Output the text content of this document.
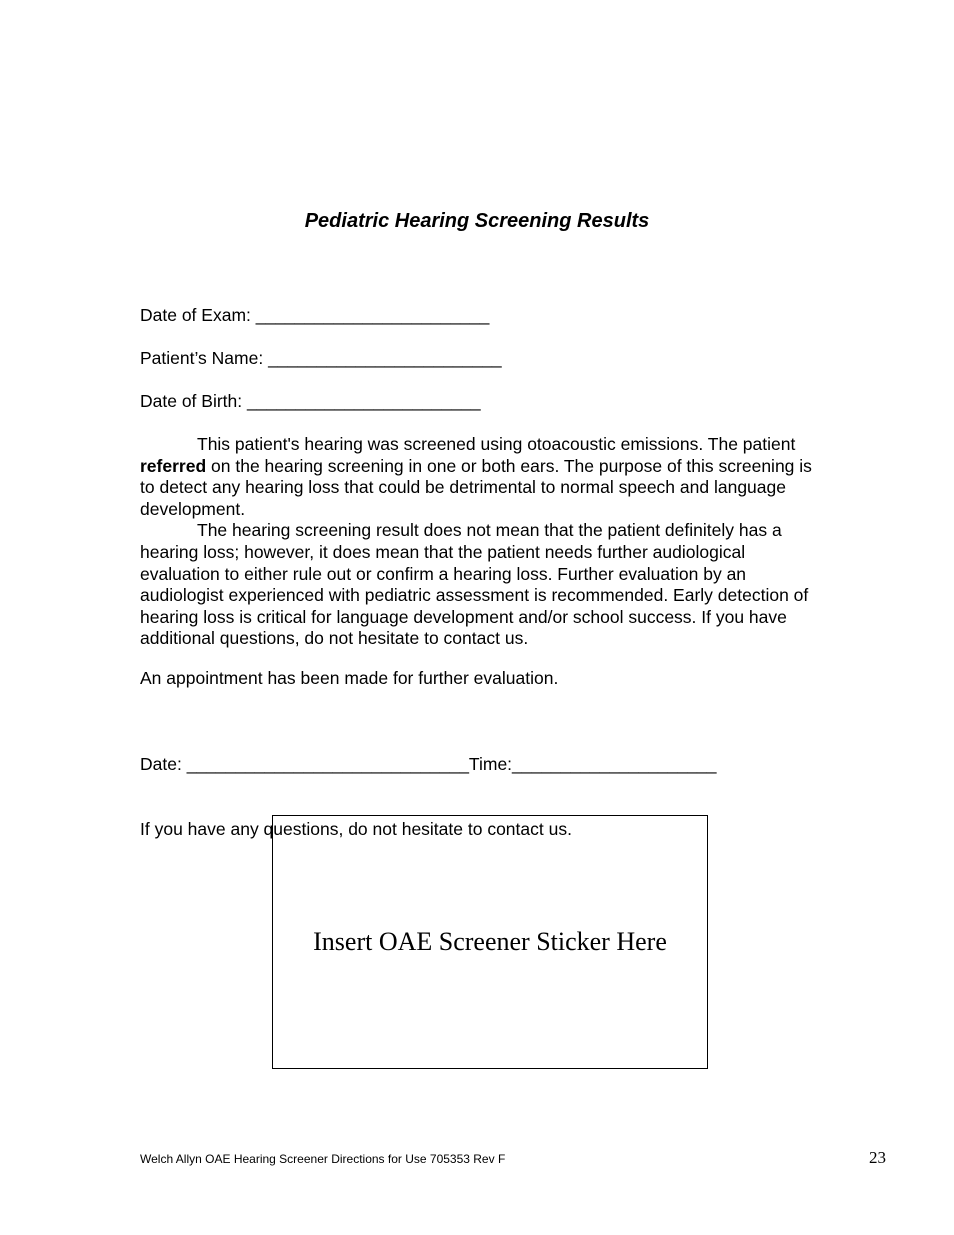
Pediatric Hearing Screening Results
Date of Exam: ________________________
Patient’s Name: ________________________
Date of Birth: ________________________

This patient's hearing was screened using otoacoustic emissions. The patient referred on the hearing screening in one or both ears. The purpose of this screening is to detect any hearing loss that could be detrimental to normal speech and language development.

The hearing screening result does not mean that the patient definitely has a hearing loss; however, it does mean that the patient needs further audiological evaluation to either rule out or confirm a hearing loss. Further evaluation by an audiologist experienced with pediatric assessment is recommended. Early detection of hearing loss is critical for language development and/or school success. If you have additional questions, do not hesitate to contact us.

An appointment has been made for further evaluation.

Date: _____________________________Time:_____________________

If you have any questions, do not hesitate to contact us.

Insert OAE Screener Sticker Here
Welch Allyn OAE Hearing Screener Directions for Use 705353 Rev F	23
